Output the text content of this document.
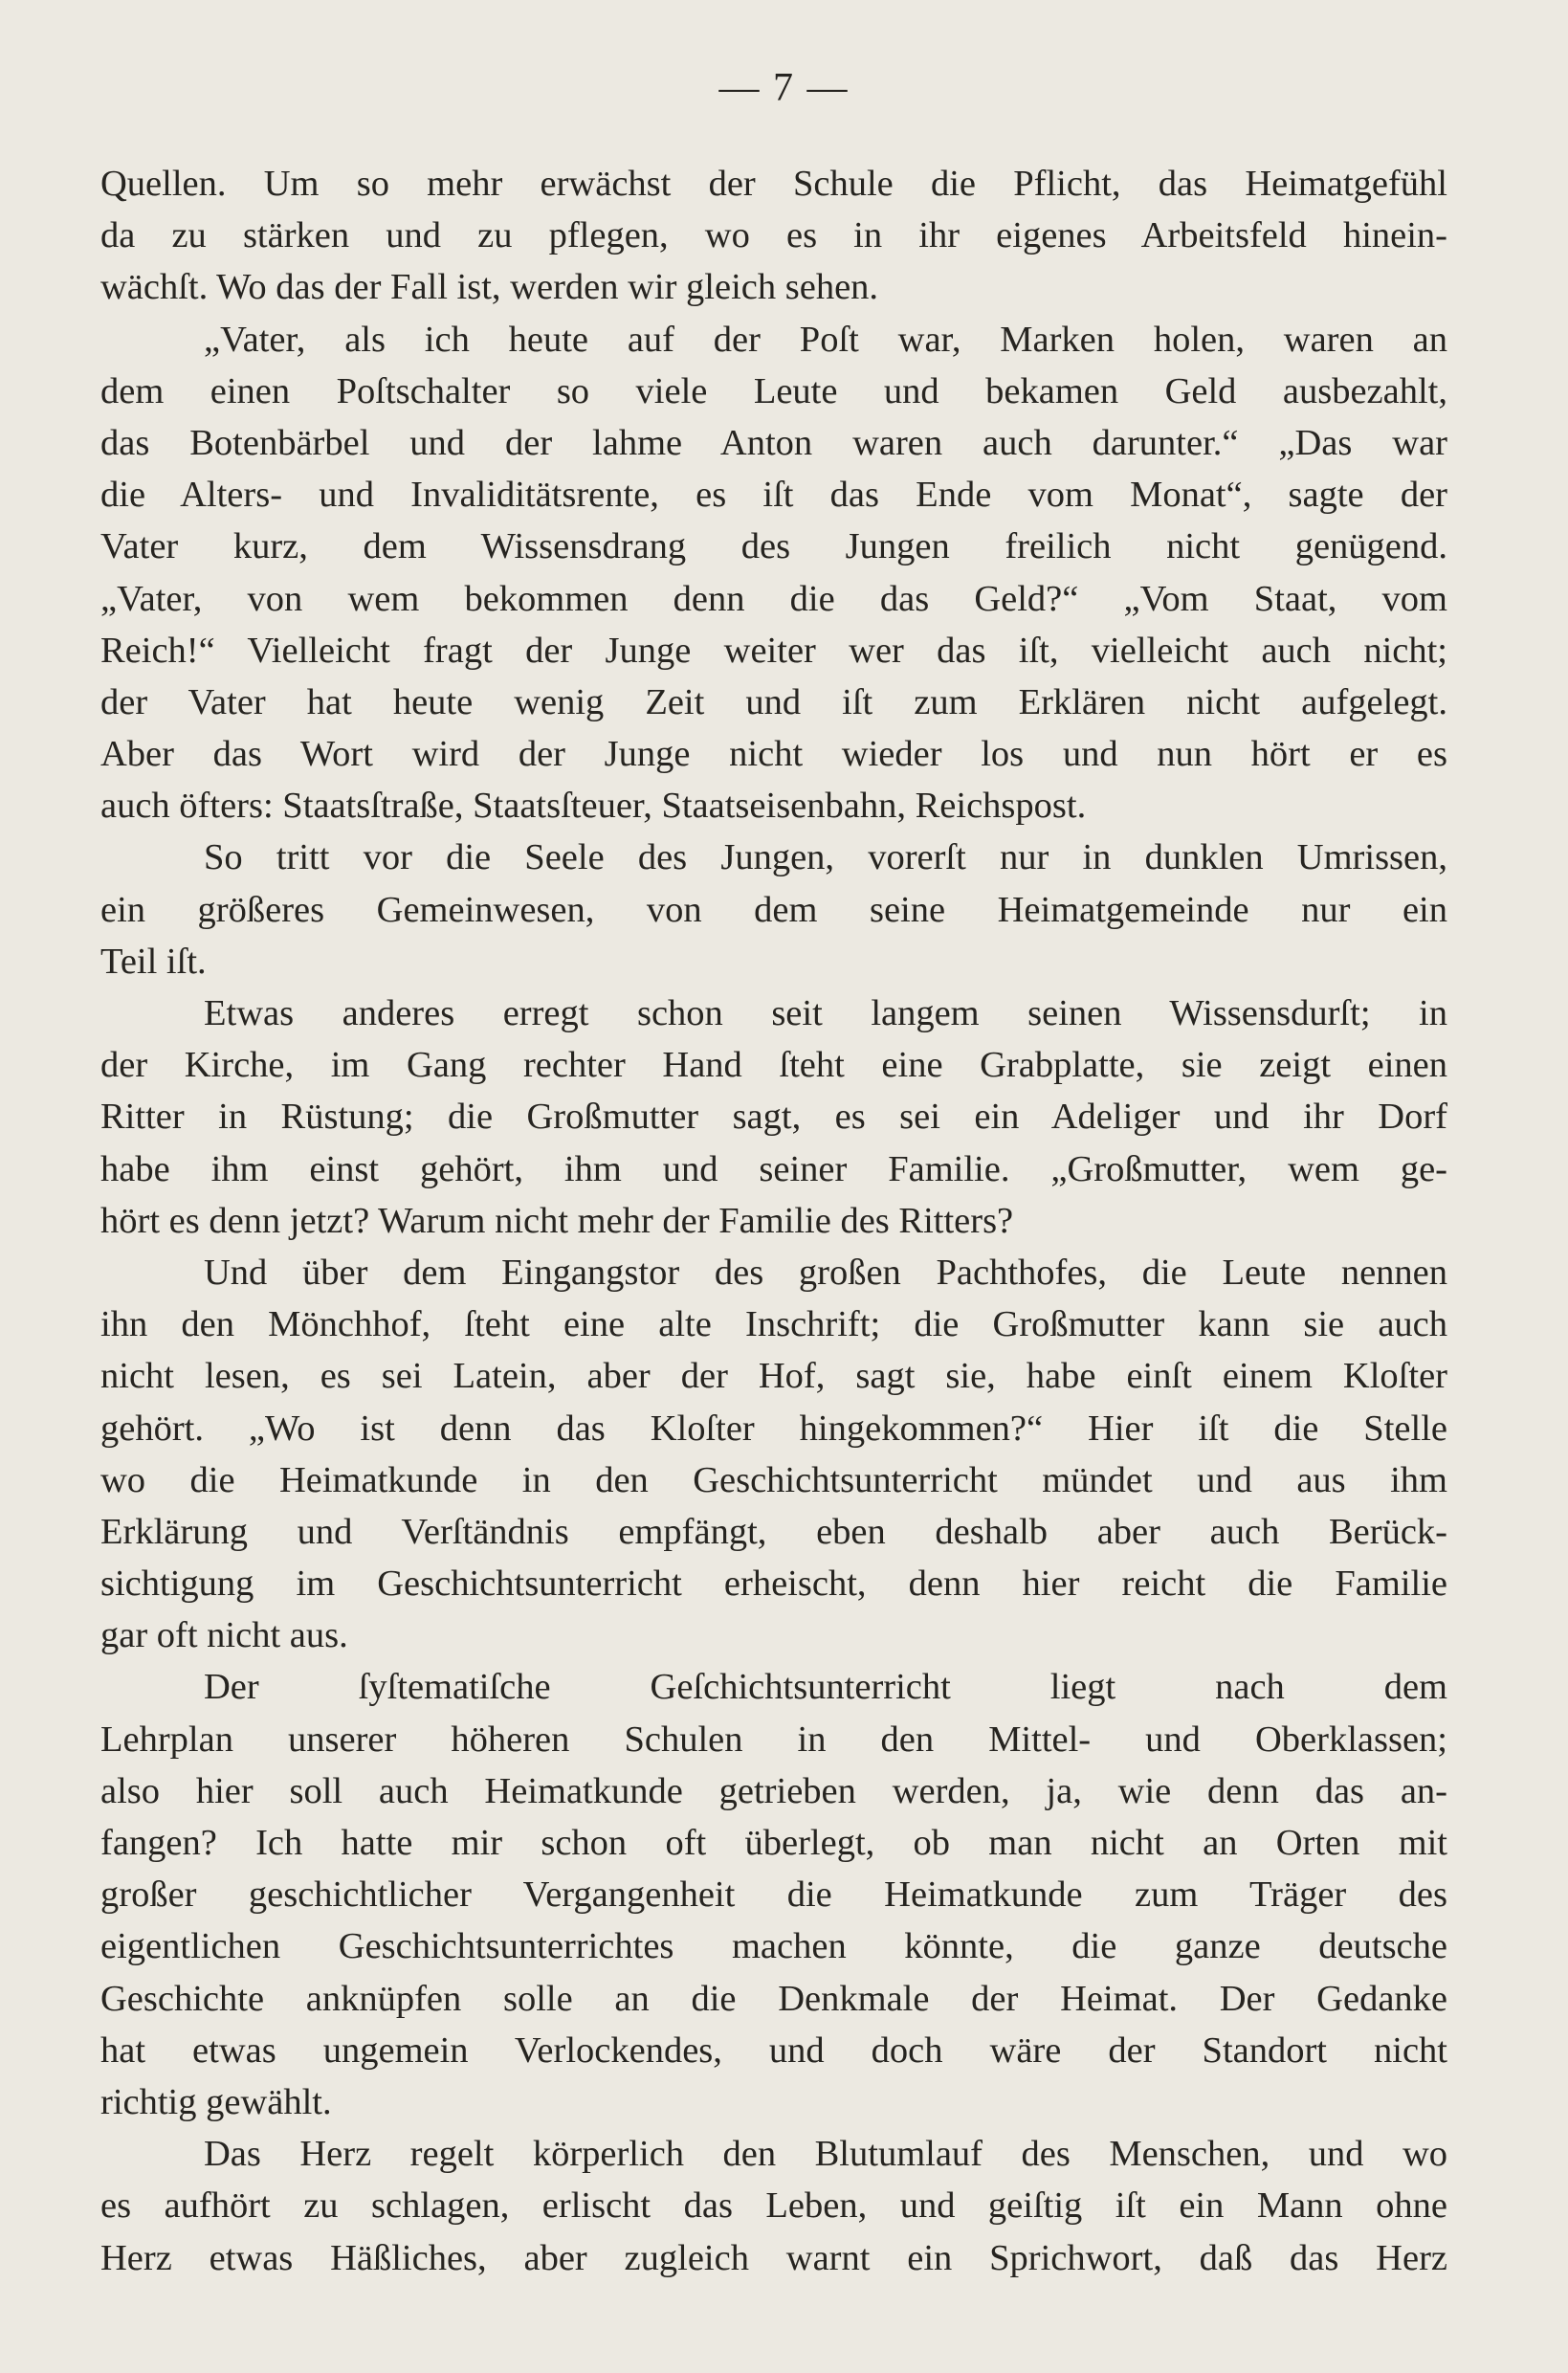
— 7 —
Quellen. Um so mehr erwächst der Schule die Pflicht, das Heimatgefühl
da zu stärken und zu pflegen, wo es in ihr eigenes Arbeitsfeld hinein-
wächſt. Wo das der Fall ist, werden wir gleich sehen.
„Vater, als ich heute auf der Poſt war, Marken holen, waren an
dem einen Poſtschalter so viele Leute und bekamen Geld ausbezahlt,
das Botenbärbel und der lahme Anton waren auch darunter.“ „Das war
die Alters- und Invaliditätsrente, es iſt das Ende vom Monat“, sagte der
Vater kurz, dem Wissensdrang des Jungen freilich nicht genügend.
„Vater, von wem bekommen denn die das Geld?“ „Vom Staat, vom
Reich!“ Vielleicht fragt der Junge weiter wer das iſt, vielleicht auch nicht;
der Vater hat heute wenig Zeit und iſt zum Erklären nicht aufgelegt.
Aber das Wort wird der Junge nicht wieder los und nun hört er es
auch öfters: Staatsſtraße, Staatsſteuer, Staatseisenbahn, Reichspost.
So tritt vor die Seele des Jungen, vorerſt nur in dunklen Umrissen,
ein größeres Gemeinwesen, von dem seine Heimatgemeinde nur ein
Teil iſt.
Etwas anderes erregt schon seit langem seinen Wissensdurſt; in
der Kirche, im Gang rechter Hand ſteht eine Grabplatte, sie zeigt einen
Ritter in Rüstung; die Großmutter sagt, es sei ein Adeliger und ihr Dorf
habe ihm einst gehört, ihm und seiner Familie. „Großmutter, wem ge-
hört es denn jetzt? Warum nicht mehr der Familie des Ritters?
Und über dem Eingangstor des großen Pachthofes, die Leute nennen
ihn den Mönchhof, ſteht eine alte Inschrift; die Großmutter kann sie auch
nicht lesen, es sei Latein, aber der Hof, sagt sie, habe einſt einem Kloſter
gehört. „Wo ist denn das Kloſter hingekommen?“ Hier iſt die Stelle
wo die Heimatkunde in den Geschichtsunterricht mündet und aus ihm
Erklärung und Verſtändnis empfängt, eben deshalb aber auch Berück-
sichtigung im Geschichtsunterricht erheischt, denn hier reicht die Familie
gar oft nicht aus.
Der ſyſtematiſche Geſchichtsunterricht liegt nach dem
Lehrplan unserer höheren Schulen in den Mittel- und Oberklassen;
also hier soll auch Heimatkunde getrieben werden, ja, wie denn das an-
fangen? Ich hatte mir schon oft überlegt, ob man nicht an Orten mit
großer geschichtlicher Vergangenheit die Heimatkunde zum Träger des
eigentlichen Geschichtsunterrichtes machen könnte, die ganze deutsche
Geschichte anknüpfen solle an die Denkmale der Heimat. Der Gedanke
hat etwas ungemein Verlockendes, und doch wäre der Standort nicht
richtig gewählt.
Das Herz regelt körperlich den Blutumlauf des Menschen, und wo
es aufhört zu schlagen, erlischt das Leben, und geiſtig iſt ein Mann ohne
Herz etwas Häßliches, aber zugleich warnt ein Sprichwort, daß das Herz
